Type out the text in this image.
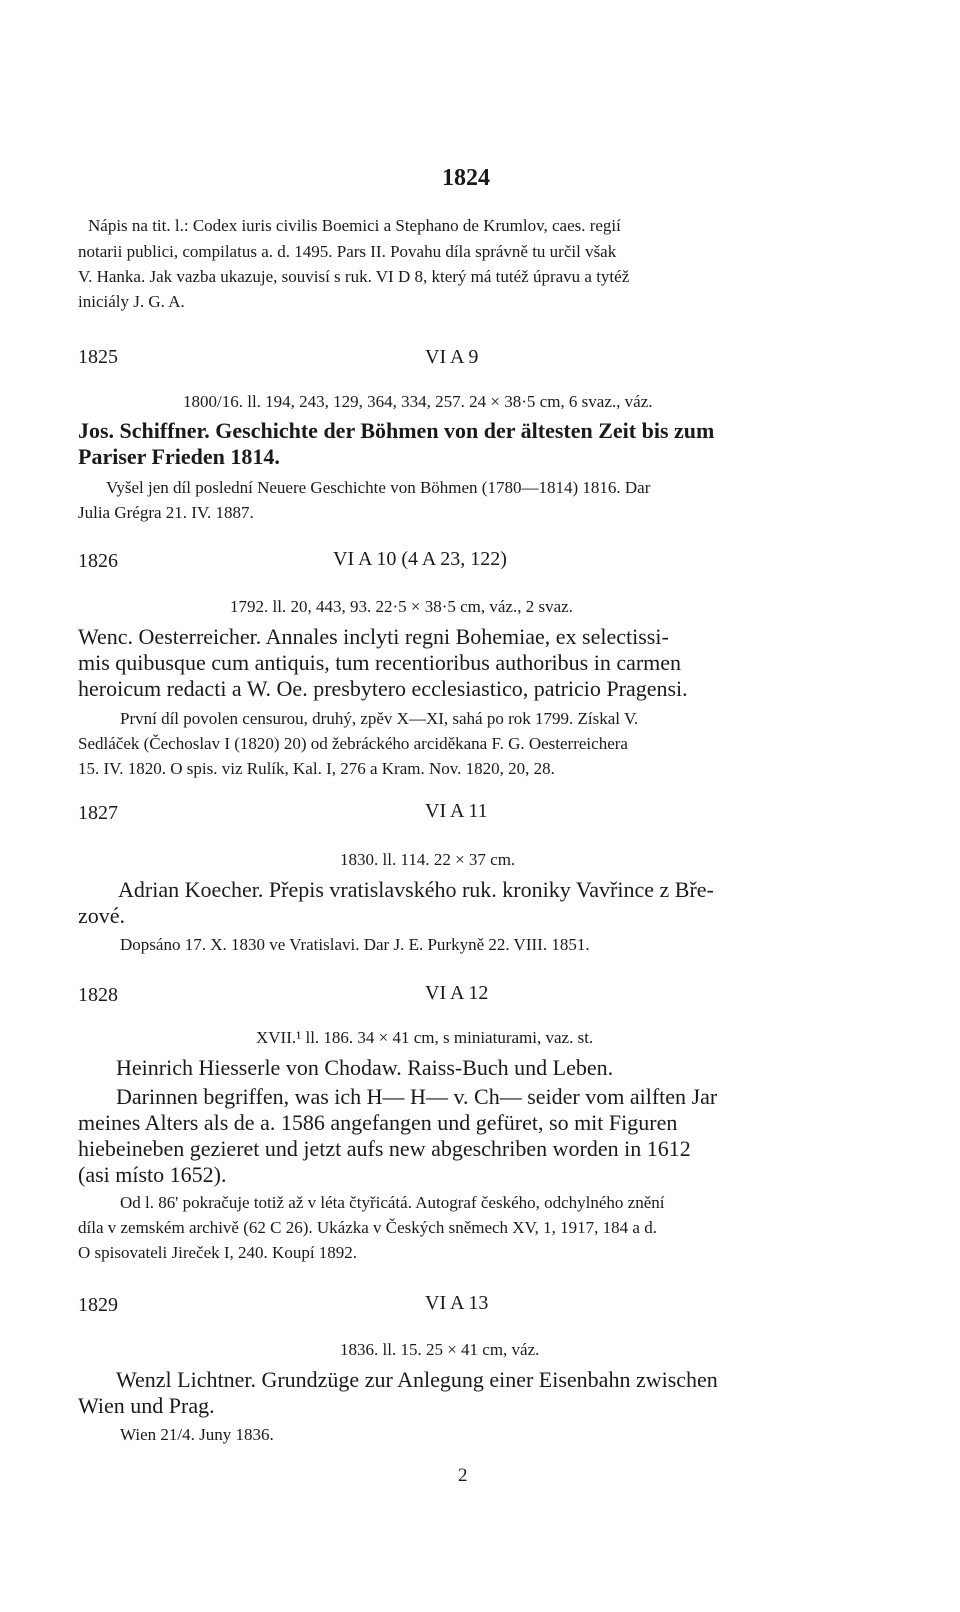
1824
Nápis na tit. l.: Codex iuris civilis Boemici a Stephano de Krumlov, caes. regií
notarii publici, compilatus a. d. 1495. Pars II. Povahu díla správně tu určil však
V. Hanka. Jak vazba ukazuje, souvisí s ruk. VI D 8, který má tutéž úpravu a tytéž
iniciály J. G. A.
1825	VI A 9
1800/16. ll. 194, 243, 129, 364, 334, 257. 24 × 38·5 cm, 6 svaz., váz.
Jos. Schiffner. Geschichte der Böhmen von der ältesten Zeit bis zum
Pariser Frieden 1814.
Vyšel jen díl poslední Neuere Geschichte von Böhmen (1780—1814) 1816. Dar
Julia Grégra 21. IV. 1887.
1826	VI A 10 (4 A 23, 122)
1792. ll. 20, 443, 93. 22·5 × 38·5 cm, váz., 2 svaz.
Wenc. Oesterreicher. Annales inclyti regni Bohemiae, ex selectissi-
mis quibusque cum antiquis, tum recentioribus authoribus in carmen
heroicum redacti a W. Oe. presbytero ecclesiastico, patricio Pragensi.
První díl povolen censurou, druhý, zpěv X—XI, sahá po rok 1799. Získal V.
Sedláček (Čechoslav I (1820) 20) od žebráckého arciděkana F. G. Oesterreichera
15. IV. 1820. O spis. viz Rulík, Kal. I, 276 a Kram. Nov. 1820, 20, 28.
1827	VI A 11
1830. ll. 114. 22 × 37 cm.
Adrian Koecher. Přepis vratislavského ruk. kroniky Vavřince z Bře-
zové.
Dopsáno 17. X. 1830 ve Vratislavi. Dar J. E. Purkyně 22. VIII. 1851.
1828	VI A 12
XVII.¹ ll. 186. 34 × 41 cm, s miniaturami, vaz. st.
Heinrich Hiesserle von Chodaw. Raiss-Buch und Leben.
Darinnen begriffen, was ich H— H— v. Ch— seider vom ailften Jar
meines Alters als de a. 1586 angefangen und gefüret, so mit Figuren
hiebeineben gezieret und jetzt aufs new abgeschriben worden in 1612
(asi místo 1652).
Od l. 86' pokračuje totiž až v léta čtyřicátá. Autograf českého, odchylného znění
díla v zemském archivě (62 C 26). Ukázka v Českých sněmech XV, 1, 1917, 184 a d.
O spisovateli Jireček I, 240. Koupí 1892.
1829	VI A 13
1836. ll. 15. 25 × 41 cm, váz.
Wenzl Lichtner. Grundzüge zur Anlegung einer Eisenbahn zwischen
Wien und Prag.
Wien 21/4. Juny 1836.
2
